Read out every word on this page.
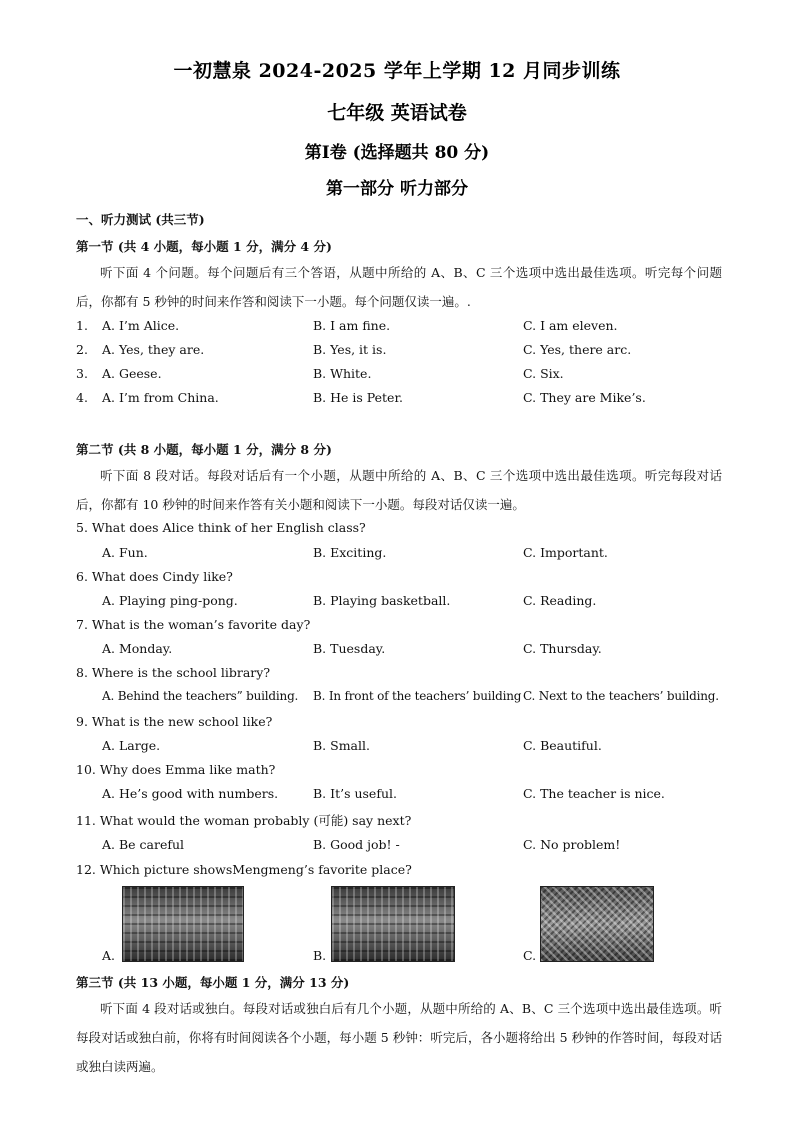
一初慧泉 2024-2025 学年上学期 12 月同步训练
七年级 英语试卷
第Ⅰ卷 (选择题共 80 分)
第一部分 听力部分
一、听力测试 (共三节)
第一节 (共 4 小题，每小题 1 分，满分 4 分)
听下面 4 个问题。每个问题后有三个答语，从题中所给的 A、B、C 三个选项中选出最佳选项。听完每个问题后，你都有 5 秒钟的时间来作答和阅读下一小题。每个问题仅读一遍。.
1. A. I’m Alice.	B. I am fine.	C. I am eleven.
2. A. Yes, they are.	B. Yes, it is.	C. Yes, there arc.
3. A. Geese.	B. White.	C. Six.
4. A. I’m from China.	B. He is Peter.	C. They are Mike’s.
第二节 (共 8 小题，每小题 1 分，满分 8 分)
听下面 8 段对话。每段对话后有一个小题，从题中所给的 A、B、C 三个选项中选出最佳选项。听完每段对话后，你都有 10 秒钟的时间来作答有关小题和阅读下一小题。每段对话仅读一遍。
5. What does Alice think of her English class?
A. Fun.	B. Exciting.	C. Important.
6. What does Cindy like?
A. Playing ping-pong.	B. Playing basketball.	C. Reading.
7. What is the woman’s favorite day?
A. Monday.	B. Tuesday.	C. Thursday.
8. Where is the school library?
A. Behind the teachers” building. B. In front of the teachers’ building C. Next to the teachers’ building.
9. What is the new school like?
A. Large.	B. Small.	C. Beautiful.
10. Why does Emma like math?
A. He’s good with numbers.	B. It’s useful.	C. The teacher is nice.
11. What would the woman probably (可能) say next?
A. Be careful	B. Good job! -	C. No problem!
12. Which picture showsMengmeng’s favorite place?
A.	B.	C.
第三节 (共 13 小题，每小题 1 分，满分 13 分)
听下面 4 段对话或独白。每段对话或独白后有几个小题，从题中所给的 A、B、C 三个选项中选出最佳选项。听每段对话或独白前，你将有时间阅读各个小题，每小题 5 秒钟：听完后，各小题将给出 5 秒钟的作答时间，每段对话或独白读两遍。
